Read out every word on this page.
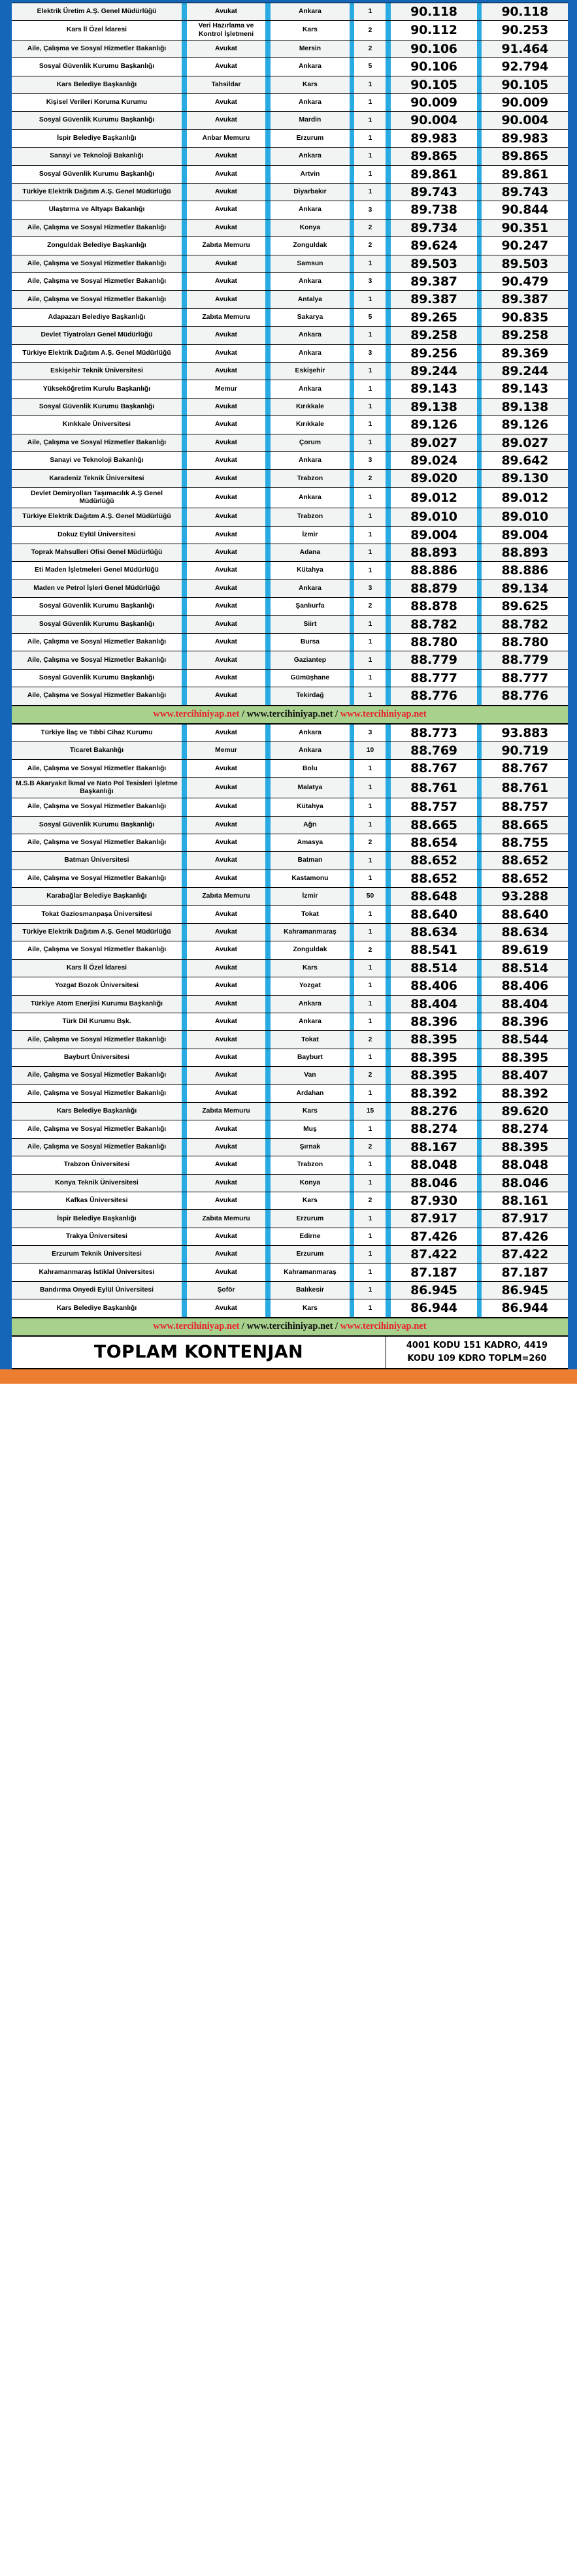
Elektrik Üretim A.Ş. Genel Müdürlüğü		Avukat		Ankara		1		90.118		90.118
Kars İl Özel İdaresi		Veri Hazırlama ve Kontrol İşletmeni		Kars		2		90.112		90.253
Aile, Çalışma ve Sosyal Hizmetler Bakanlığı		Avukat		Mersin		2		90.106		91.464
Sosyal Güvenlik Kurumu Başkanlığı		Avukat		Ankara		5		90.106		92.794
Kars Belediye Başkanlığı		Tahsildar		Kars		1		90.105		90.105
Kişisel Verileri Koruma Kurumu		Avukat		Ankara		1		90.009		90.009
Sosyal Güvenlik Kurumu Başkanlığı		Avukat		Mardin		1		90.004		90.004
İspir Belediye Başkanlığı		Anbar Memuru		Erzurum		1		89.983		89.983
Sanayi ve Teknoloji Bakanlığı		Avukat		Ankara		1		89.865		89.865
Sosyal Güvenlik Kurumu Başkanlığı		Avukat		Artvin		1		89.861		89.861
Türkiye Elektrik Dağıtım A.Ş. Genel Müdürlüğü		Avukat		Diyarbakır		1		89.743		89.743
Ulaştırma ve Altyapı Bakanlığı		Avukat		Ankara		3		89.738		90.844
Aile, Çalışma ve Sosyal Hizmetler Bakanlığı		Avukat		Konya		2		89.734		90.351
Zonguldak Belediye Başkanlığı		Zabıta Memuru		Zonguldak		2		89.624		90.247
Aile, Çalışma ve Sosyal Hizmetler Bakanlığı		Avukat		Samsun		1		89.503		89.503
Aile, Çalışma ve Sosyal Hizmetler Bakanlığı		Avukat		Ankara		3		89.387		90.479
Aile, Çalışma ve Sosyal Hizmetler Bakanlığı		Avukat		Antalya		1		89.387		89.387
Adapazarı Belediye Başkanlığı		Zabıta Memuru		Sakarya		5		89.265		90.835
Devlet Tiyatroları Genel Müdürlüğü		Avukat		Ankara		1		89.258		89.258
Türkiye Elektrik Dağıtım A.Ş. Genel Müdürlüğü		Avukat		Ankara		3		89.256		89.369
Eskişehir Teknik Üniversitesi		Avukat		Eskişehir		1		89.244		89.244
Yükseköğretim Kurulu Başkanlığı		Memur		Ankara		1		89.143		89.143
Sosyal Güvenlik Kurumu Başkanlığı		Avukat		Kırıkkale		1		89.138		89.138
Kırıkkale Üniversitesi		Avukat		Kırıkkale		1		89.126		89.126
Aile, Çalışma ve Sosyal Hizmetler Bakanlığı		Avukat		Çorum		1		89.027		89.027
Sanayi ve Teknoloji Bakanlığı		Avukat		Ankara		3		89.024		89.642
Karadeniz Teknik Üniversitesi		Avukat		Trabzon		2		89.020		89.130
Devlet Demiryolları Taşımacılık A.Ş Genel Müdürlüğü		Avukat		Ankara		1		89.012		89.012
Türkiye Elektrik Dağıtım A.Ş. Genel Müdürlüğü		Avukat		Trabzon		1		89.010		89.010
Dokuz Eylül Üniversitesi		Avukat		İzmir		1		89.004		89.004
Toprak Mahsulleri Ofisi Genel Müdürlüğü		Avukat		Adana		1		88.893		88.893
Eti Maden İşletmeleri Genel Müdürlüğü		Avukat		Kütahya		1		88.886		88.886
Maden ve Petrol İşleri Genel Müdürlüğü		Avukat		Ankara		3		88.879		89.134
Sosyal Güvenlik Kurumu Başkanlığı		Avukat		Şanlıurfa		2		88.878		89.625
Sosyal Güvenlik Kurumu Başkanlığı		Avukat		Siirt		1		88.782		88.782
Aile, Çalışma ve Sosyal Hizmetler Bakanlığı		Avukat		Bursa		1		88.780		88.780
Aile, Çalışma ve Sosyal Hizmetler Bakanlığı		Avukat		Gaziantep		1		88.779		88.779
Sosyal Güvenlik Kurumu Başkanlığı		Avukat		Gümüşhane		1		88.777		88.777
Aile, Çalışma ve Sosyal Hizmetler Bakanlığı		Avukat		Tekirdağ		1		88.776		88.776

www.tercihiniyap.net / www.tercihiniyap.net / www.tercihiniyap.net										

Türkiye İlaç ve Tıbbi Cihaz Kurumu		Avukat		Ankara		3		88.773		93.883
Ticaret Bakanlığı		Memur		Ankara		10		88.769		90.719
Aile, Çalışma ve Sosyal Hizmetler Bakanlığı		Avukat		Bolu		1		88.767		88.767
M.S.B Akaryakıt İkmal ve Nato Pol Tesisleri İşletme Başkanlığı		Avukat		Malatya		1		88.761		88.761
Aile, Çalışma ve Sosyal Hizmetler Bakanlığı		Avukat		Kütahya		1		88.757		88.757
Sosyal Güvenlik Kurumu Başkanlığı		Avukat		Ağrı		1		88.665		88.665
Aile, Çalışma ve Sosyal Hizmetler Bakanlığı		Avukat		Amasya		2		88.654		88.755
Batman Üniversitesi		Avukat		Batman		1		88.652		88.652
Aile, Çalışma ve Sosyal Hizmetler Bakanlığı		Avukat		Kastamonu		1		88.652		88.652
Karabağlar Belediye Başkanlığı		Zabıta Memuru		İzmir		50		88.648		93.288
Tokat Gaziosmanpaşa Üniversitesi		Avukat		Tokat		1		88.640		88.640
Türkiye Elektrik Dağıtım A.Ş. Genel Müdürlüğü		Avukat		Kahramanmaraş		1		88.634		88.634
Aile, Çalışma ve Sosyal Hizmetler Bakanlığı		Avukat		Zonguldak		2		88.541		89.619
Kars İl Özel İdaresi		Avukat		Kars		1		88.514		88.514
Yozgat Bozok Üniversitesi		Avukat		Yozgat		1		88.406		88.406
Türkiye Atom Enerjisi Kurumu Başkanlığı		Avukat		Ankara		1		88.404		88.404
Türk Dil Kurumu Bşk.		Avukat		Ankara		1		88.396		88.396
Aile, Çalışma ve Sosyal Hizmetler Bakanlığı		Avukat		Tokat		2		88.395		88.544
Bayburt Üniversitesi		Avukat		Bayburt		1		88.395		88.395
Aile, Çalışma ve Sosyal Hizmetler Bakanlığı		Avukat		Van		2		88.395		88.407
Aile, Çalışma ve Sosyal Hizmetler Bakanlığı		Avukat		Ardahan		1		88.392		88.392
Kars Belediye Başkanlığı		Zabıta Memuru		Kars		15		88.276		89.620
Aile, Çalışma ve Sosyal Hizmetler Bakanlığı		Avukat		Muş		1		88.274		88.274
Aile, Çalışma ve Sosyal Hizmetler Bakanlığı		Avukat		Şırnak		2		88.167		88.395
Trabzon Üniversitesi		Avukat		Trabzon		1		88.048		88.048
Konya Teknik Üniversitesi		Avukat		Konya		1		88.046		88.046
Kafkas Üniversitesi		Avukat		Kars		2		87.930		88.161
İspir Belediye Başkanlığı		Zabıta Memuru		Erzurum		1		87.917		87.917
Trakya Üniversitesi		Avukat		Edirne		1		87.426		87.426
Erzurum Teknik Üniversitesi		Avukat		Erzurum		1		87.422		87.422
Kahramanmaraş İstiklal Üniversitesi		Avukat		Kahramanmaraş		1		87.187		87.187
Bandırma Onyedi Eylül Üniversitesi		Şoför		Balıkesir		1		86.945		86.945
Kars Belediye Başkanlığı		Avukat		Kars		1		86.944		86.944

www.tercihiniyap.net / www.tercihiniyap.net / www.tercihiniyap.net										

TOPLAM KONTENJAN							4001 KODU 151 KADRO, 4419
KODU 109 KDRO TOPLM=260			
